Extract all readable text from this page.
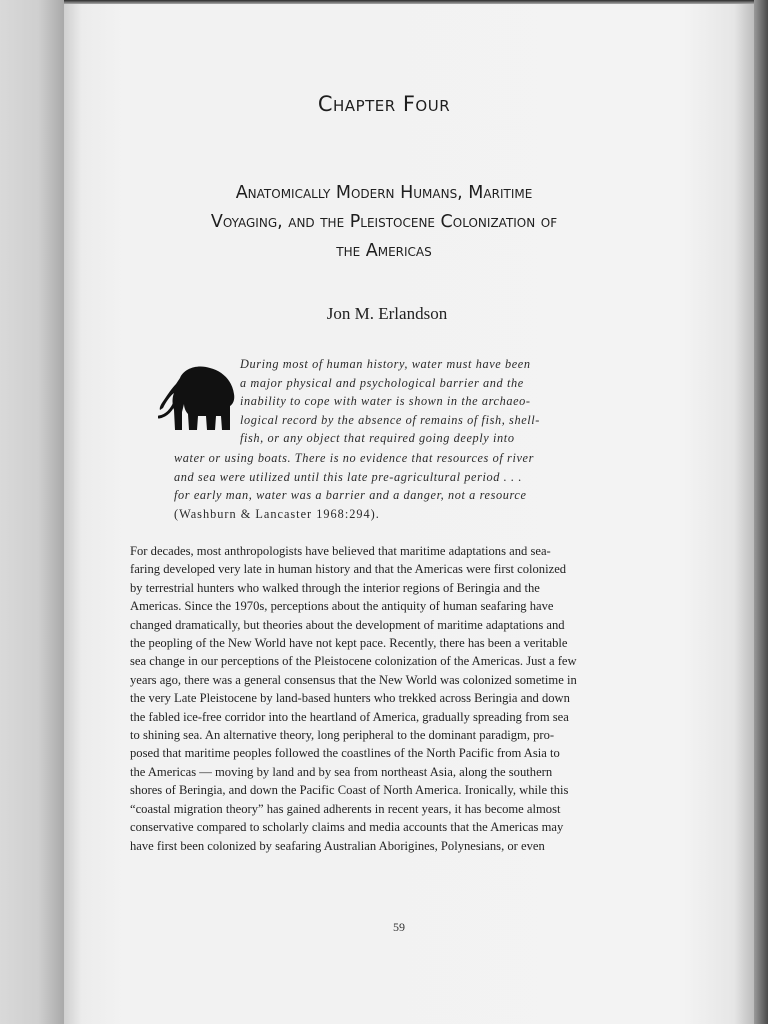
Chapter Four
Anatomically Modern Humans, Maritime
Voyaging, and the Pleistocene Colonization of
the Americas
Jon M. Erlandson
During most of human history, water must have been
a major physical and psychological barrier and the
inability to cope with water is shown in the archaeo-
logical record by the absence of remains of fish, shell-
fish, or any object that required going deeply into
water or using boats. There is no evidence that resources of river
and sea were utilized until this late pre-agricultural period . . .
for early man, water was a barrier and a danger, not a resource
(Washburn & Lancaster 1968:294).
For decades, most anthropologists have believed that maritime adaptations and sea-
faring developed very late in human history and that the Americas were first colonized
by terrestrial hunters who walked through the interior regions of Beringia and the
Americas. Since the 1970s, perceptions about the antiquity of human seafaring have
changed dramatically, but theories about the development of maritime adaptations and
the peopling of the New World have not kept pace. Recently, there has been a veritable
sea change in our perceptions of the Pleistocene colonization of the Americas. Just a few
years ago, there was a general consensus that the New World was colonized sometime in
the very Late Pleistocene by land-based hunters who trekked across Beringia and down
the fabled ice-free corridor into the heartland of America, gradually spreading from sea
to shining sea. An alternative theory, long peripheral to the dominant paradigm, pro-
posed that maritime peoples followed the coastlines of the North Pacific from Asia to
the Americas — moving by land and by sea from northeast Asia, along the southern
shores of Beringia, and down the Pacific Coast of North America. Ironically, while this
“coastal migration theory” has gained adherents in recent years, it has become almost
conservative compared to scholarly claims and media accounts that the Americas may
have first been colonized by seafaring Australian Aborigines, Polynesians, or even
59
